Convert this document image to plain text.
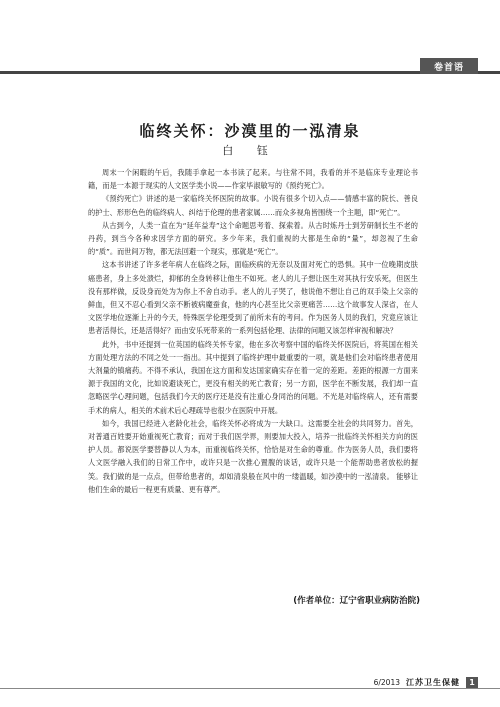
卷首语
临终关怀：沙漠里的一泓清泉
白 钰

周末一个闲暇的午后，我随手拿起一本书读了起来。与往常不同，我看的并不是临床专业理论书籍，而是一本源于现实的人文医学类小说——作家毕淑敏写的《预约死亡》。

《预约死亡》讲述的是一家临终关怀医院的故事。小说有很多个切入点——情感丰富的院长、善良的护士、形形色色的临终病人、纠结于伦理的患者家属……而众多视角皆围绕一个主题，即“死亡”。

从古到今，人类一直在为“延年益寿”这个命题思考着、探索着。从古时炼丹士到芳研制长生不老的丹药，到当今各种求因学方面的研究。多少年来，我们重视的大都是生命的“量”，却忽视了生命的“质”。而世间万物，都无法回避一个现实，那就是“死亡”。

这本书讲述了许多老年病人在临终之际，面临疾病的无奈以及面对死亡的恐惧。其中一位晚期皮肤癌患者，身上多处溃烂，抑郁的全身转移让他生不如死。老人的儿子想让医生对其执行安乐死，但医生没有那样做，反设身而处为为你上不舍自动手。老人的儿子哭了，他说他不想让自己的双手染上父亲的鲜血，但又不忍心看到父亲不断被病魔蚕食，他的内心甚至比父亲更痛苦……这个故事发人深省，在人文医学地位逐渐上升的今天，特殊医学伦理受到了前所未有的考问。作为医务人员的我们，究竟应该让患者活得长，还是活得好？而由安乐死带来的一系列包括伦理、法律的问题又该怎样审视和解决？

此外，书中还提到一位英国的临终关怀专家，他在多次考察中国的临终关怀医院后，将英国在相关方面处理方法的不同之处一一指出。其中提到了临终护理中最重要的一项，就是他们会对临终患者使用大剂量的镇痛药。不得不承认，我国在这方面和发达国家确实存在着一定的差距。差距的根源一方面来源于我国的文化，比如说避谈死亡，更没有相关的死亡教育；另一方面，医学在不断发展，我们却一直忽略医学心理问题，包括我们今天的医疗还是没有注重心身同治的问题。不光是对临终病人，还有需要手术的病人，相关的术前术后心理疏导也很少在医院中开展。

如今，我国已经进入老龄化社会，临终关怀必将成为一大缺口。这需要全社会的共同努力。首先，对普通百姓要开始重视死亡教育；而对于我们医学界，则要加大投入，培养一批临终关怀相关方向的医护人员。都说医学要替静以人为本，而重视临终关怀，恰恰是对生命的尊重。作为医务人员，我们要将人文医学融入我们的日常工作中，或许只是一次推心置腹的谈话，或许只是一个能帮助患者放松的握笑。我们做的是一点点，但带给患者的，却如清泉般在风中的一缕温暖，如沙漠中的一泓清泉。 能够让他们生命的最后一程更有质量、更有尊严。

(作者单位：辽宁省职业病防治院)
6/2013 江苏卫生保健	1
